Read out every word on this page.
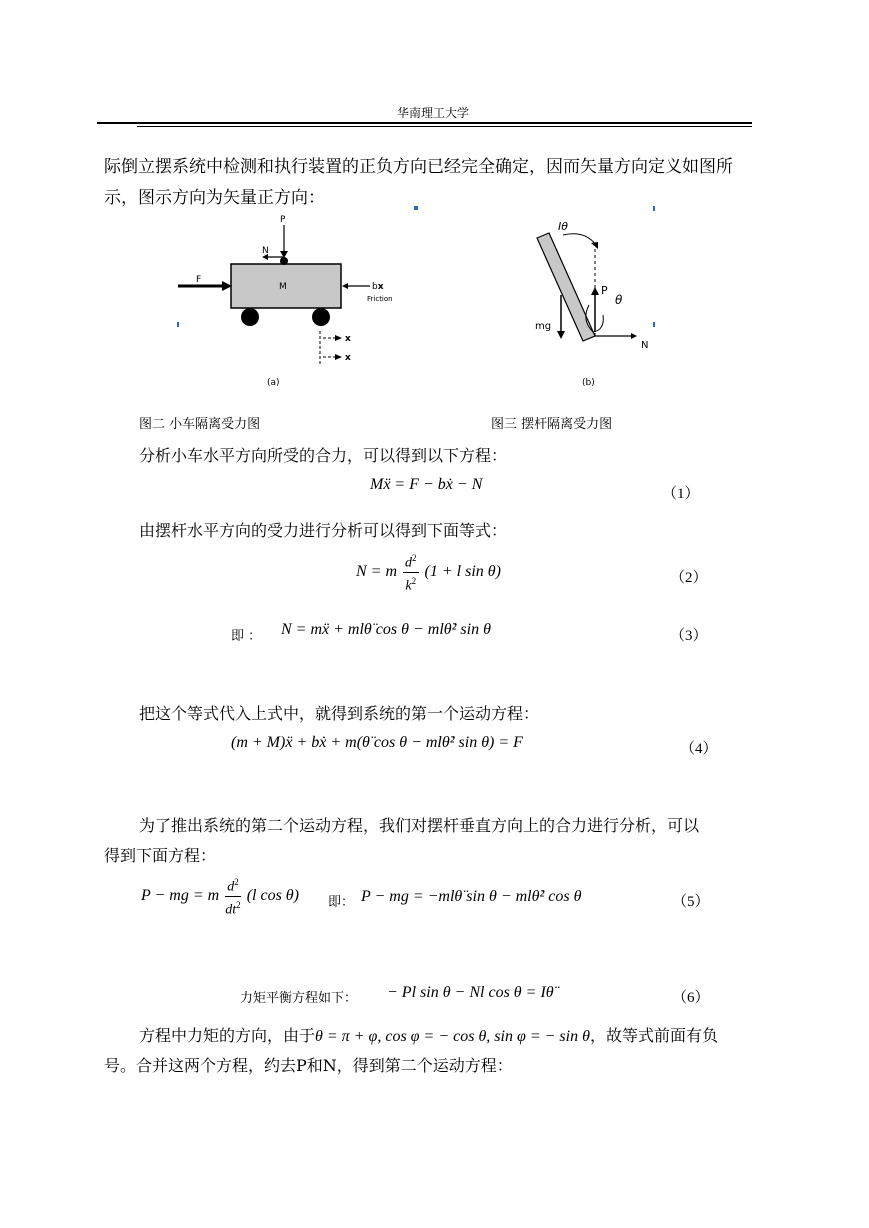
华南理工大学
际倒立摆系统中检测和执行装置的正负方向已经完全确定，因而矢量方向定义如图所
示，图示方向为矢量正方向：
P
N
F
M	bx
Friction
x
x
(a)
Iθ
P
θ
mg
N
(b)
图二 小车隔离受力图	图三 摆杆隔离受力图
分析小车水平方向所受的合力，可以得到以下方程：
Mẍ = F − bẋ − N
（1）
由摆杆水平方向的受力进行分析可以得到下面等式：
N = m $\frac{d^2}{k^2} (1 + l$ sin θ)	（2）
即 ： N = mẍ + mlθ̈ cos θ − mlθ̇² sin θ	（3）
把这个等式代入上式中，就得到系统的第一个运动方程：
(m + M)ẍ + bẋ + m(θ̈ cos θ − mlθ̇² sin θ) = F	（4）
为了推出系统的第二个运动方程，我们对摆杆垂直方向上的合力进行分析，可以
得到下面方程：
P − mg = m $\frac{d^2}{dt^2} (l$ cos θ) 即： P − mg = −mlθ̈ sin θ − mlθ̇² cos θ	（5）
力矩平衡方程如下： − Pl sin θ − Nl cos θ = Iθ̈	（6）
方程中力矩的方向，由于θ = π + φ, cos φ = − cos θ, sin φ = − sin θ，故等式前面有负
号。合并这两个方程，约去P和N，得到第二个运动方程：
